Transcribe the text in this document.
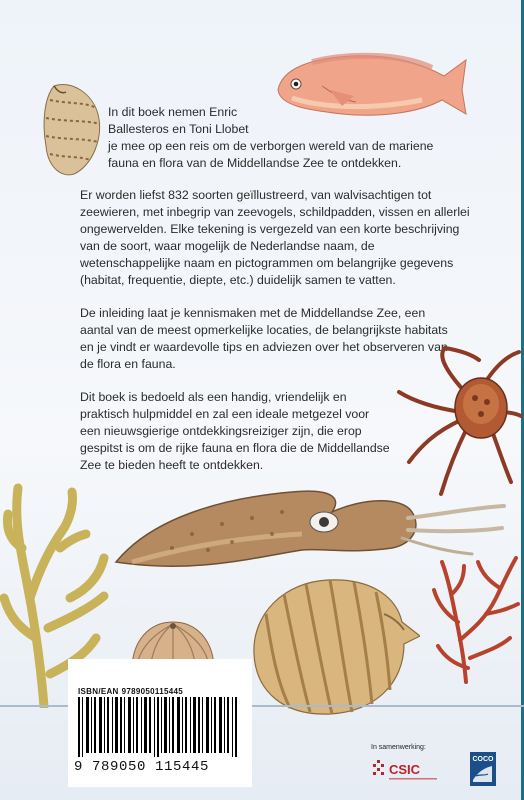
In dit boek nemen Enric
Ballesteros en Toni Llobet

je mee op een reis om de verborgen wereld van de mariene fauna en flora van de Middellandse Zee te ontdekken.

Er worden liefst 832 soorten geïllustreerd, van walvisachtigen tot zeewieren, met inbegrip van zeevogels, schildpadden, vissen en allerlei ongewervelden. Elke tekening is vergezeld van een korte beschrijving van de soort, waar mogelijk de Nederlandse naam, de wetenschappelijke naam en pictogrammen om belangrijke gegevens (habitat, frequentie, diepte, etc.) duidelijk samen te vatten.

De inleiding laat je kennismaken met de Middellandse Zee, een aantal van de meest opmerkelijke locaties, de belangrijkste habitats en je vindt er waardevolle tips en adviezen over het observeren van de flora en fauna.

Dit boek is bedoeld als een handig, vriendelijk en praktisch hulpmiddel en zal een ideale metgezel voor een nieuwsgierige ontdekkingsreiziger zijn, die erop gespitst is om de rijke fauna en flora die de Middellandse Zee te bieden heeft te ontdekken.

ISBN/EAN 9789050115445
9 789050 115445
In samenwerking:
CSIC
COCO
